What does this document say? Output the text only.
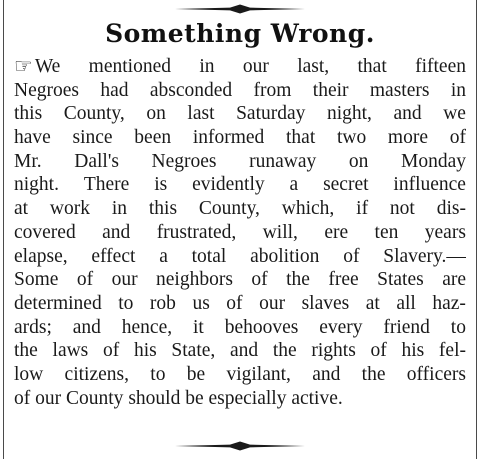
Something Wrong.
☞ We mentioned in our last, that fifteen
Negroes had absconded from their masters in
this County, on last Saturday night, and we
have since been informed that two more of
Mr. Dall's Negroes runaway on Monday
night. There is evidently a secret influence
at work in this County, which, if not dis-
covered and frustrated, will, ere ten years
elapse, effect a total abolition of Slavery.—
Some of our neighbors of the free States are
determined to rob us of our slaves at all haz-
ards; and hence, it behooves every friend to
the laws of his State, and the rights of his fel-
low citizens, to be vigilant, and the officers
of our County should be especially active.
